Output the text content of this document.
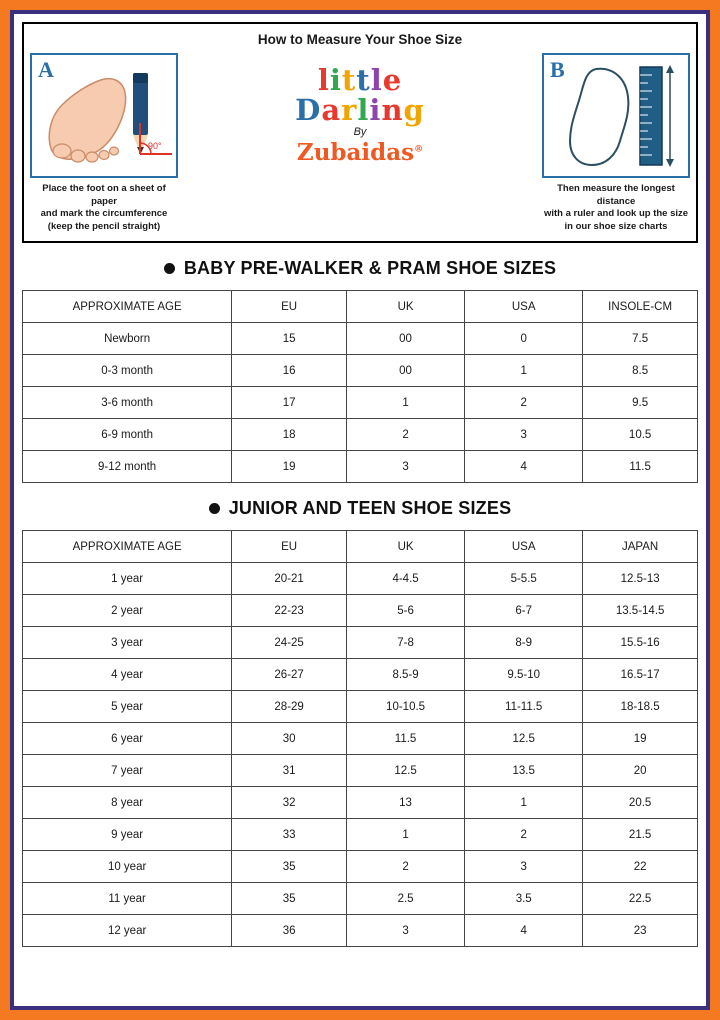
How to Measure Your Shoe Size
A
90°
Place the foot on a sheet of paper
and mark the circumference
(keep the pencil straight)
little
Darling
By
Zubaidas®
B
Then measure the longest distance
with a ruler and look up the size
in our shoe size charts
BABY PRE-WALKER & PRAM SHOE SIZES
APPROXIMATE AGE	EU	UK	USA	INSOLE-CM
Newborn	15	00	0	7.5
0-3 month	16	00	1	8.5
3-6 month	17	1	2	9.5
6-9 month	18	2	3	10.5
9-12 month	19	3	4	11.5
JUNIOR AND TEEN SHOE SIZES
APPROXIMATE AGE	EU	UK	USA	JAPAN
1 year	20-21	4-4.5	5-5.5	12.5-13
2 year	22-23	5-6	6-7	13.5-14.5
3 year	24-25	7-8	8-9	15.5-16
4 year	26-27	8.5-9	9.5-10	16.5-17
5 year	28-29	10-10.5	11-11.5	18-18.5
6 year	30	11.5	12.5	19
7 year	31	12.5	13.5	20
8 year	32	13	1	20.5
9 year	33	1	2	21.5
10 year	35	2	3	22
11 year	35	2.5	3.5	22.5
12 year	36	3	4	23
